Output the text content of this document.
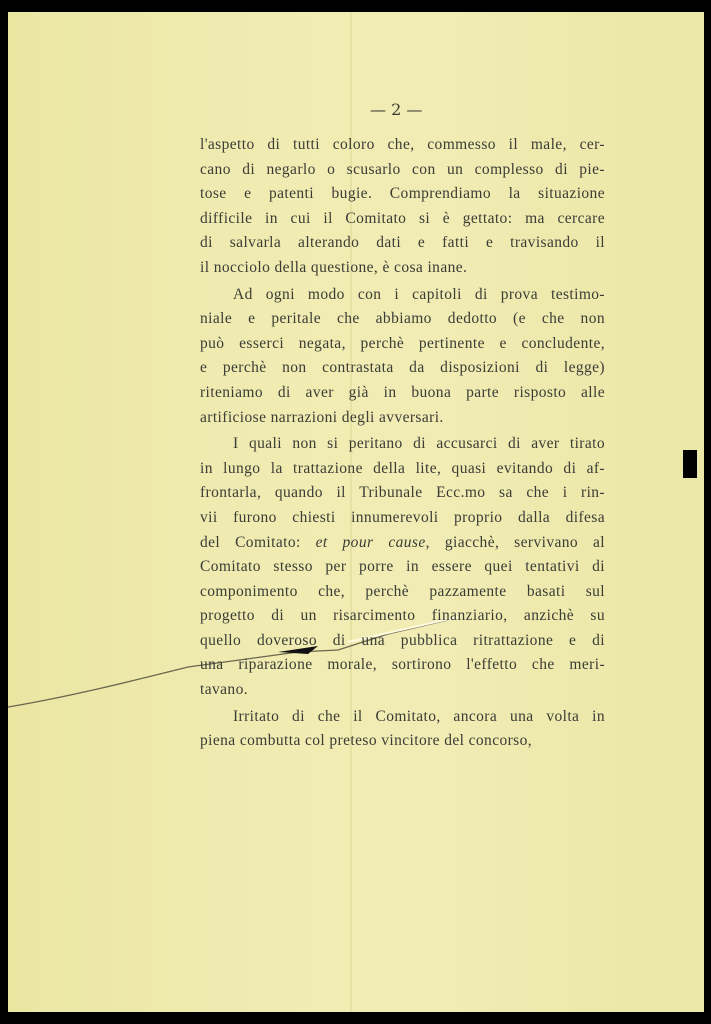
— 2 —
l'aspetto di tutti coloro che, commesso il male, cer-
cano di negarlo o scusarlo con un complesso di pie-
tose e patenti bugie. Comprendiamo la situazione
difficile in cui il Comitato si è gettato: ma cercare
di salvarla alterando dati e fatti e travisando il
il nocciolo della questione, è cosa inane.
Ad ogni modo con i capitoli di prova testimo-
niale e peritale che abbiamo dedotto (e che non
può esserci negata, perchè pertinente e concludente,
e perchè non contrastata da disposizioni di legge)
riteniamo di aver già in buona parte risposto alle
artificiose narrazioni degli avversari.
I quali non si peritano di accusarci di aver tirato
in lungo la trattazione della lite, quasi evitando di af-
frontarla, quando il Tribunale Ecc.mo sa che i rin-
vii furono chiesti innumerevoli proprio dalla difesa
del Comitato: et pour cause, giacchè, servivano al
Comitato stesso per porre in essere quei tentativi di
componimento che, perchè pazzamente basati sul
progetto di un risarcimento finanziario, anzichè su
quello doveroso di una pubblica ritrattazione e di
una riparazione morale, sortirono l'effetto che meri-
tavano.
Irritato di che il Comitato, ancora una volta in
piena combutta col preteso vincitore del concorso,
